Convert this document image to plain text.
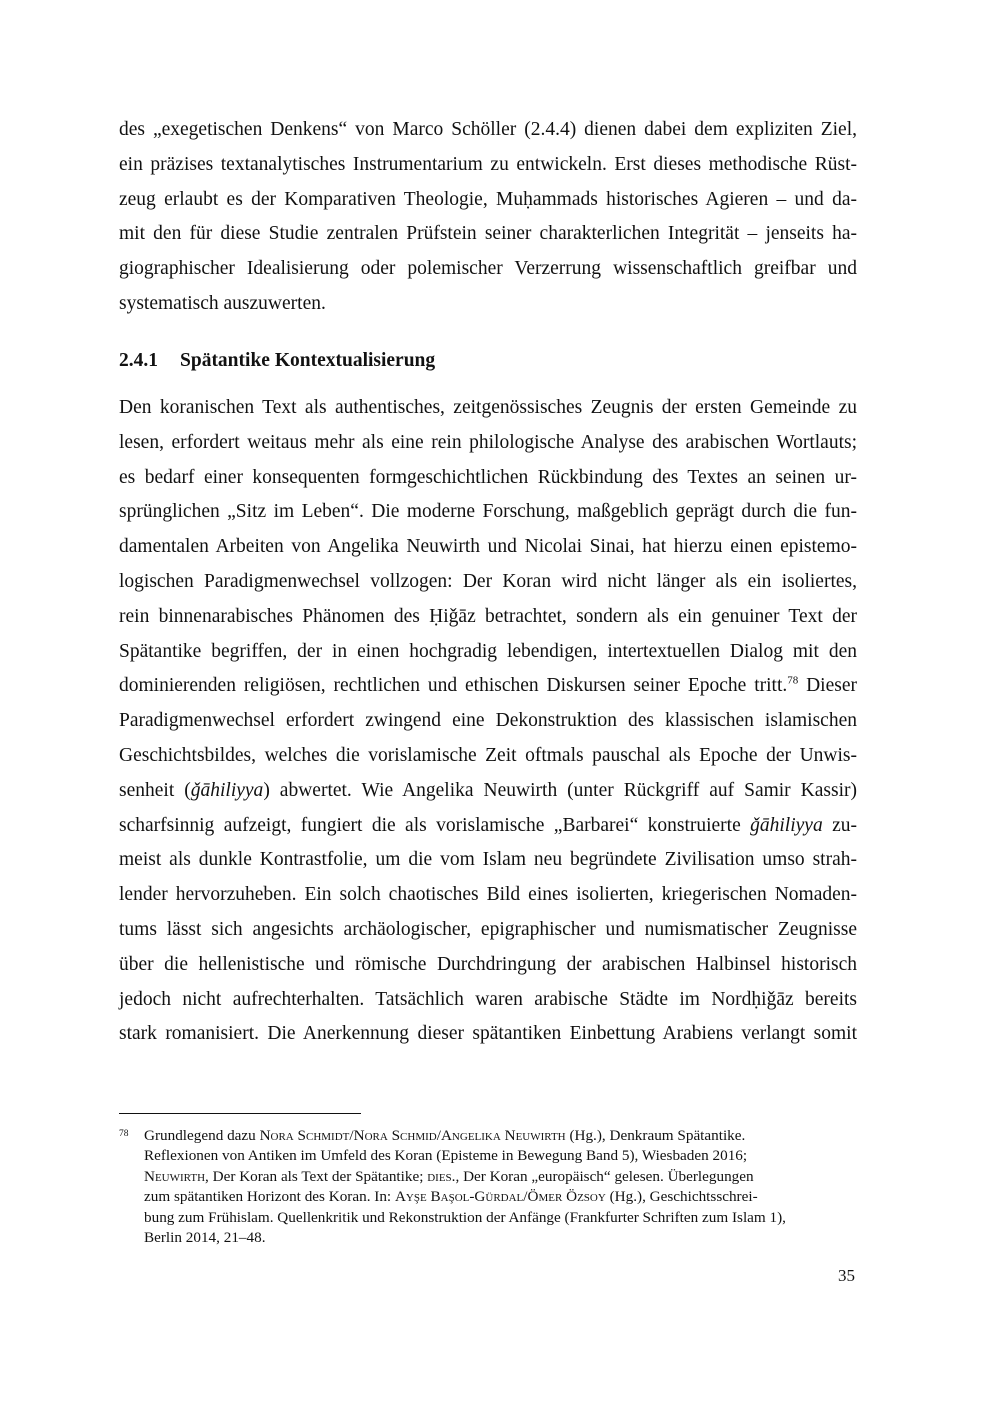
des „exegetischen Denkens“ von Marco Schöller (2.4.4) dienen dabei dem expliziten Ziel,
ein präzises textanalytisches Instrumentarium zu entwickeln. Erst dieses methodische Rüst-
zeug erlaubt es der Komparativen Theologie, Muḥammads historisches Agieren – und da-
mit den für diese Studie zentralen Prüfstein seiner charakterlichen Integrität – jenseits ha-
giographischer Idealisierung oder polemischer Verzerrung wissenschaftlich greifbar und
systematisch auszuwerten.
2.4.1 Spätantike Kontextualisierung
Den koranischen Text als authentisches, zeitgenössisches Zeugnis der ersten Gemeinde zu
lesen, erfordert weitaus mehr als eine rein philologische Analyse des arabischen Wortlauts;
es bedarf einer konsequenten formgeschichtlichen Rückbindung des Textes an seinen ur-
sprünglichen „Sitz im Leben“. Die moderne Forschung, maßgeblich geprägt durch die fun-
damentalen Arbeiten von Angelika Neuwirth und Nicolai Sinai, hat hierzu einen epistemo-
logischen Paradigmenwechsel vollzogen: Der Koran wird nicht länger als ein isoliertes,
rein binnenarabisches Phänomen des Ḥiǧāz betrachtet, sondern als ein genuiner Text der
Spätantike begriffen, der in einen hochgradig lebendigen, intertextuellen Dialog mit den
dominierenden religiösen, rechtlichen und ethischen Diskursen seiner Epoche tritt.$^{78}$ Dieser
Paradigmenwechsel erfordert zwingend eine Dekonstruktion des klassischen islamischen
Geschichtsbildes, welches die vorislamische Zeit oftmals pauschal als Epoche der Unwis-
senheit (ǧāhiliyya) abwertet. Wie Angelika Neuwirth (unter Rückgriff auf Samir Kassir)
scharfsinnig aufzeigt, fungiert die als vorislamische „Barbarei“ konstruierte ǧāhiliyya zu-
meist als dunkle Kontrastfolie, um die vom Islam neu begründete Zivilisation umso strah-
lender hervorzuheben. Ein solch chaotisches Bild eines isolierten, kriegerischen Nomaden-
tums lässt sich angesichts archäologischer, epigraphischer und numismatischer Zeugnisse
über die hellenistische und römische Durchdringung der arabischen Halbinsel historisch
jedoch nicht aufrechterhalten. Tatsächlich waren arabische Städte im Nordḥiǧāz bereits
stark romanisiert. Die Anerkennung dieser spätantiken Einbettung Arabiens verlangt somit
78 Grundlegend dazu Nora Schmidt/Nora Schmid/Angelika Neuwirth (Hg.), Denkraum Spätantike.
Reflexionen von Antiken im Umfeld des Koran (Episteme in Bewegung Band 5), Wiesbaden 2016;
Neuwirth, Der Koran als Text der Spätantike; dies., Der Koran „europäisch“ gelesen. Überlegungen
zum spätantiken Horizont des Koran. In: Ayşe Başol-Gürdal/Ömer Özsoy (Hg.), Geschichtsschrei-
bung zum Frühislam. Quellenkritik und Rekonstruktion der Anfänge (Frankfurter Schriften zum Islam 1),
Berlin 2014, 21–48.
35
